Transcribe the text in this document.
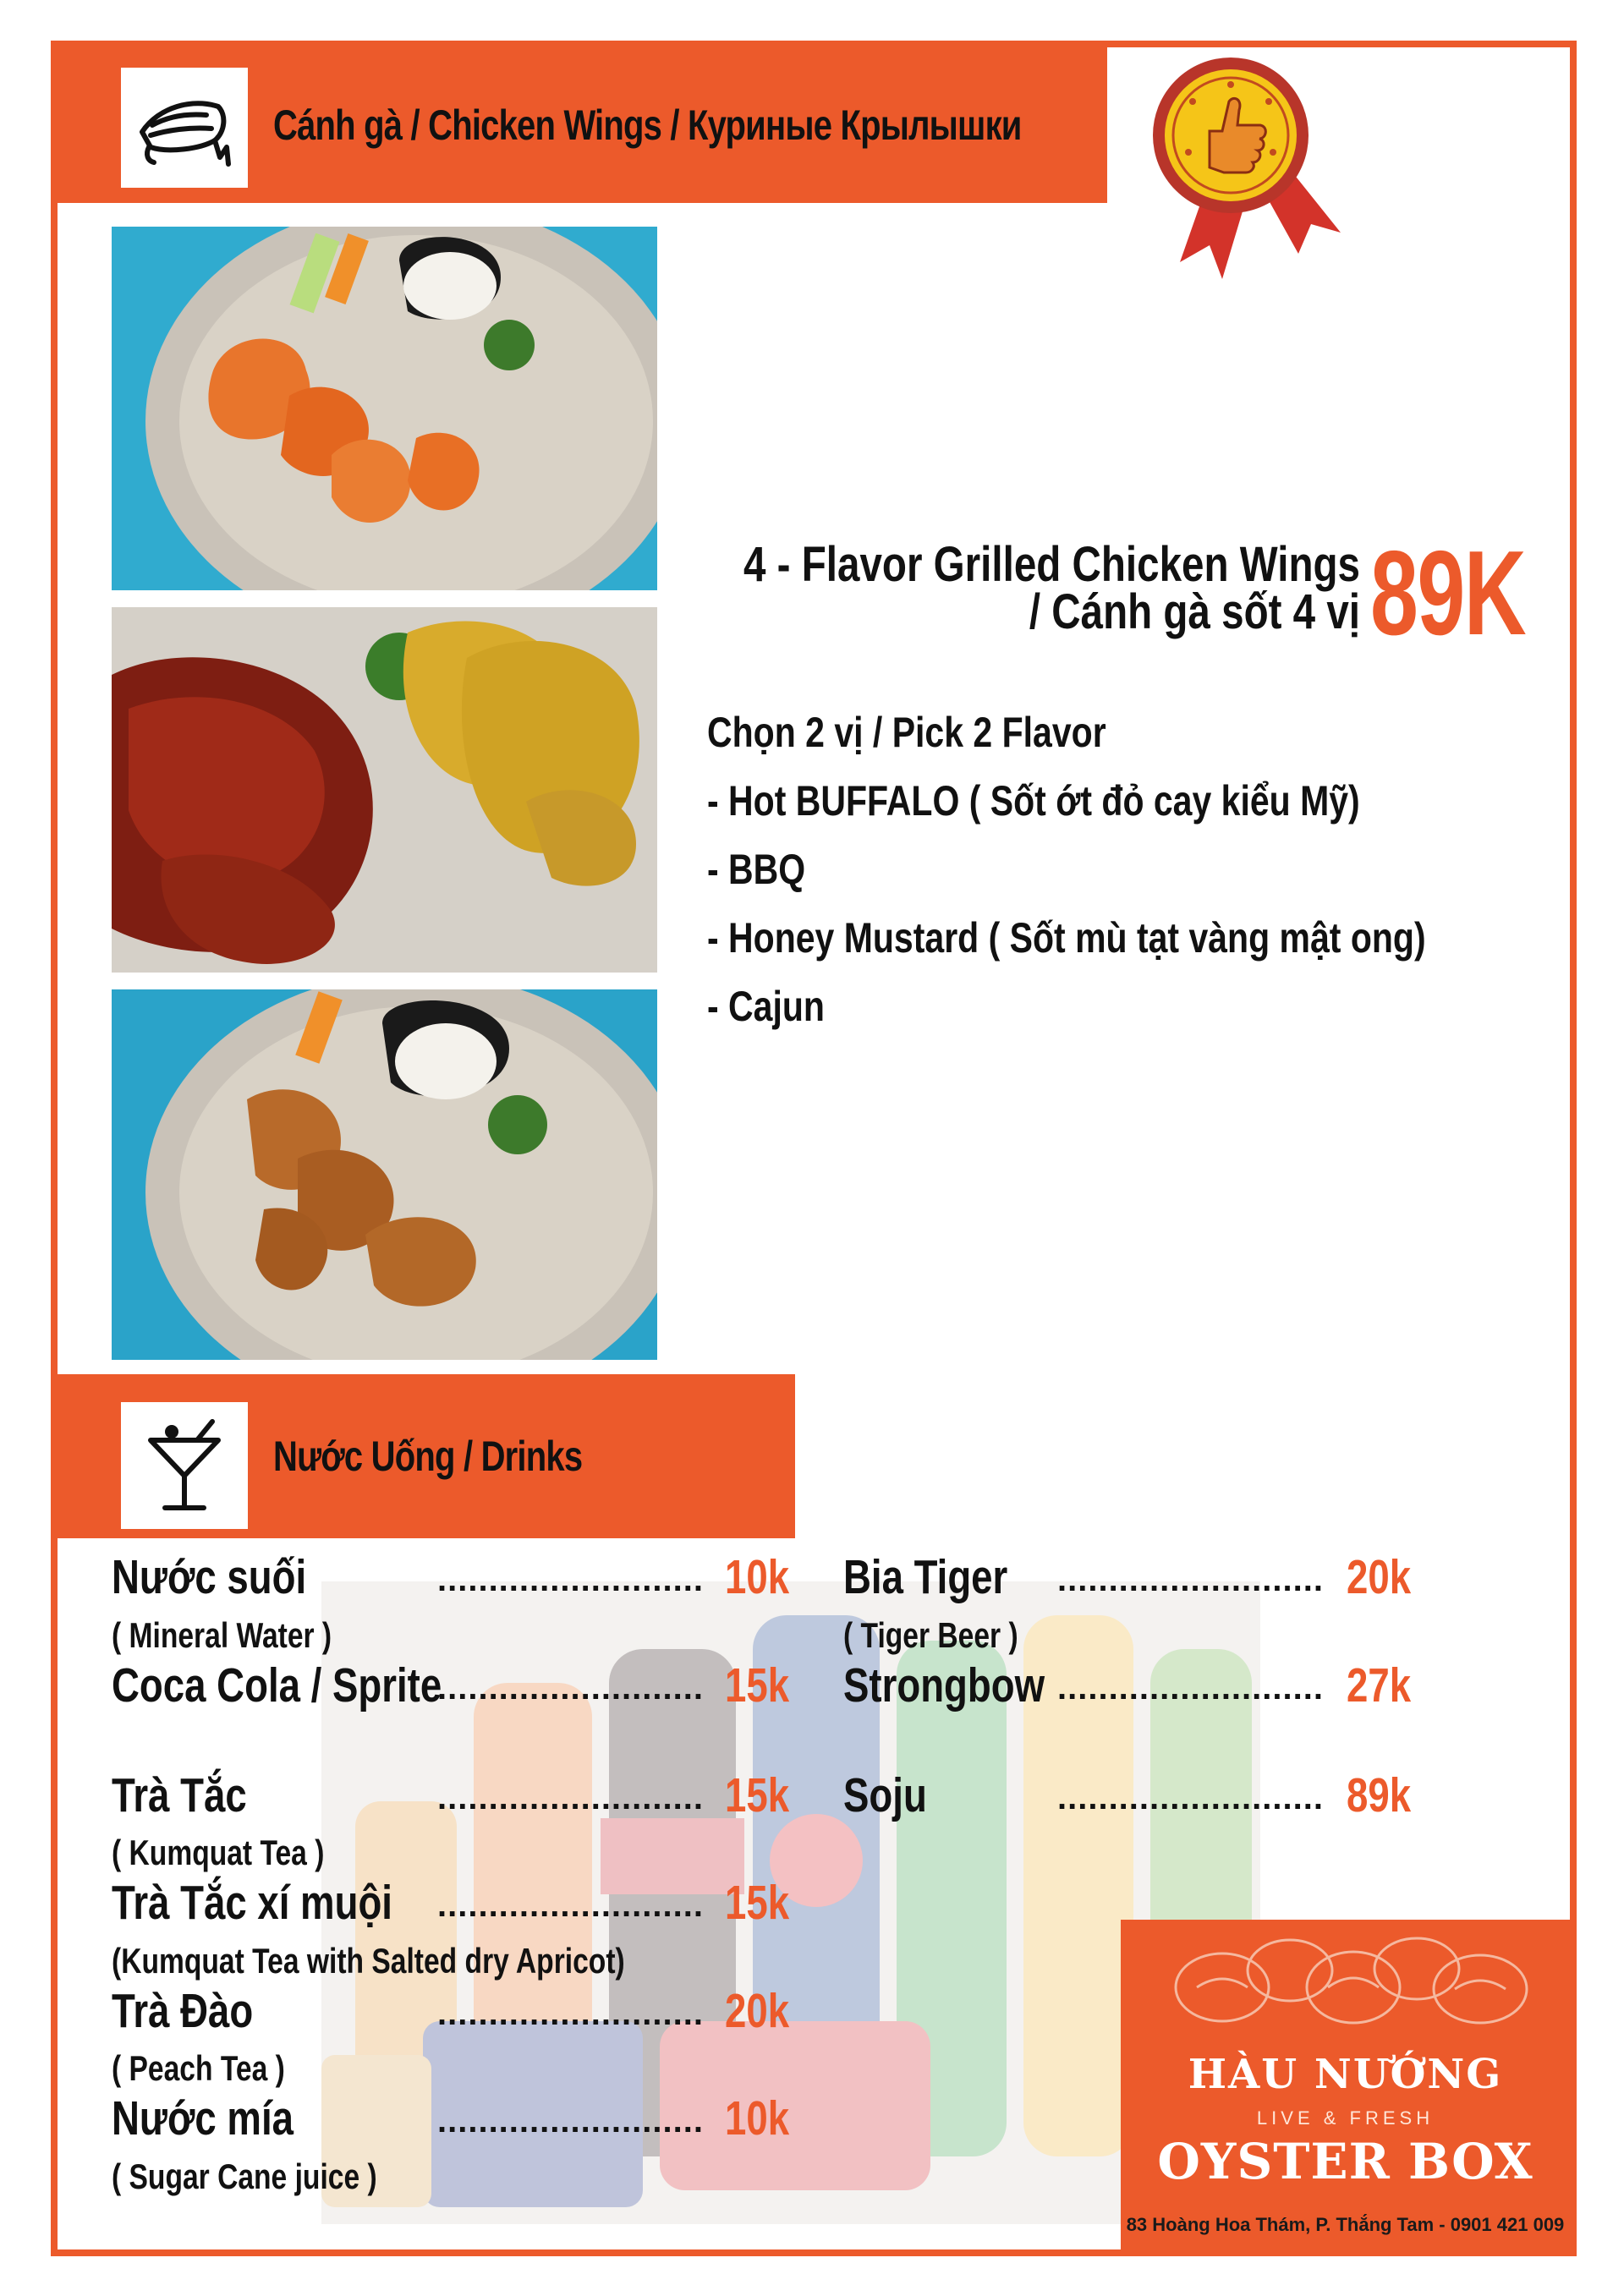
Cánh gà / Chicken Wings / Куриные Крылышки
4 - Flavor Grilled Chicken Wings
/ Cánh gà sốt 4 vị 89K
Chọn 2 vị / Pick 2 Flavor
- Hot BUFFALO ( Sốt ớt đỏ cay kiểu Mỹ)
- BBQ
- Honey Mustard ( Sốt mù tạt vàng mật ong)
- Cajun
Nước Uống / Drinks
Nước suối	.......................... 10k
( Mineral Water )
Coca Cola / Sprite
.......................... 15k
Trà Tắc	.......................... 15k
( Kumquat Tea )
Trà Tắc xí muội .......................... 15k
(Kumquat Tea with Salted dry Apricot)
Trà Đào	.......................... 20k
( Peach Tea )
Nước mía	.......................... 10k
( Sugar Cane juice )
Bia Tiger .......................... 20k
( Tiger Beer )
Strongbow .......................... 27k
Soju	.......................... 89k
HÀU NƯỚNG
LIVE & FRESH
OYSTER BOX
83 Hoàng Hoa Thám, P. Thắng Tam - 0901 421 009
